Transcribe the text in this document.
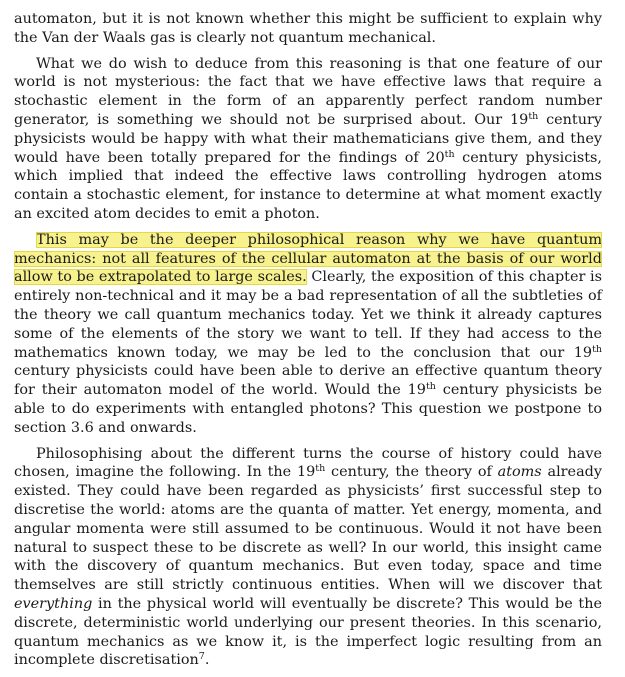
automaton, but it is not known whether this might be sufficient to explain why the Van der Waals gas is clearly not quantum mechanical.

What we do wish to deduce from this reasoning is that one feature of our world is not mysterious: the fact that we have effective laws that require a stochastic element in the form of an apparently perfect random number generator, is something we should not be surprised about. Our 19th century physicists would be happy with what their mathematicians give them, and they would have been totally prepared for the findings of 20th century physicists, which implied that indeed the effective laws controlling hydrogen atoms contain a stochastic element, for instance to determine at what moment exactly an excited atom decides to emit a photon.

This may be the deeper philosophical reason why we have quantum mechanics: not all features of the cellular automaton at the basis of our world allow to be extrapolated to large scales. Clearly, the exposition of this chapter is entirely non-technical and it may be a bad representation of all the subtleties of the theory we call quantum mechanics today. Yet we think it already captures some of the elements of the story we want to tell. If they had access to the mathematics known today, we may be led to the conclusion that our 19th century physicists could have been able to derive an effective quantum theory for their automaton model of the world. Would the 19th century physicists be able to do experiments with entangled photons? This question we postpone to section 3.6 and onwards.

Philosophising about the different turns the course of history could have chosen, imagine the following. In the 19th century, the theory of atoms already existed. They could have been regarded as physicists’ first successful step to discretise the world: atoms are the quanta of matter. Yet energy, momenta, and angular momenta were still assumed to be continuous. Would it not have been natural to suspect these to be discrete as well? In our world, this insight came with the discovery of quantum mechanics. But even today, space and time themselves are still strictly continuous entities. When will we discover that everything in the physical world will eventually be discrete? This would be the discrete, deterministic world underlying our present theories. In this scenario, quantum mechanics as we know it, is the imperfect logic resulting from an incomplete discretisation$^7$.
